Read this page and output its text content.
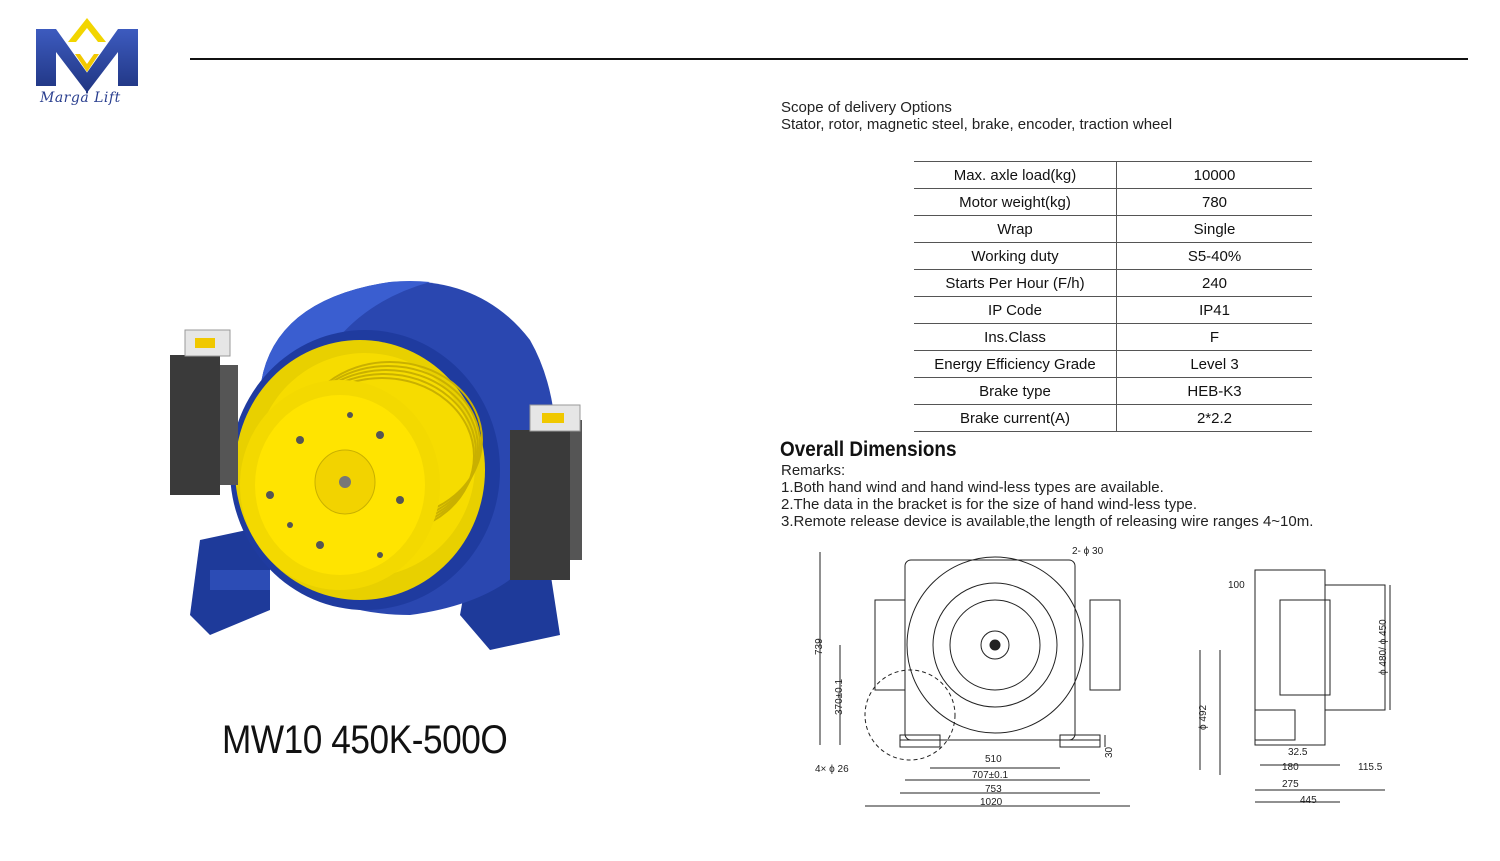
Marga Lift
MW10 450K-500O
Scope of delivery Options
Stator, rotor, magnetic steel, brake, encoder, traction wheel
Max. axle load(kg)	10000
Motor weight(kg)	780
Wrap	Single
Working duty	S5-40%
Starts Per Hour (F/h)	240
IP Code	IP41
Ins.Class	F
Energy Efficiency Grade	Level 3
Brake type	HEB-K3
Brake current(A)	2*2.2
Overall Dimensions
Remarks:
1.Both hand wind and hand wind-less types are available.
2.The data in the bracket is for the size of hand wind-less type.
3.Remote release device is available,the length of releasing wire ranges 4~10m.
2- ϕ 30
739
370±0.1
30
4× ϕ 26
510
707±0.1
753
1020
100
ϕ 480/ ϕ 450
ϕ 492
32.5
180
275
445
115.5
